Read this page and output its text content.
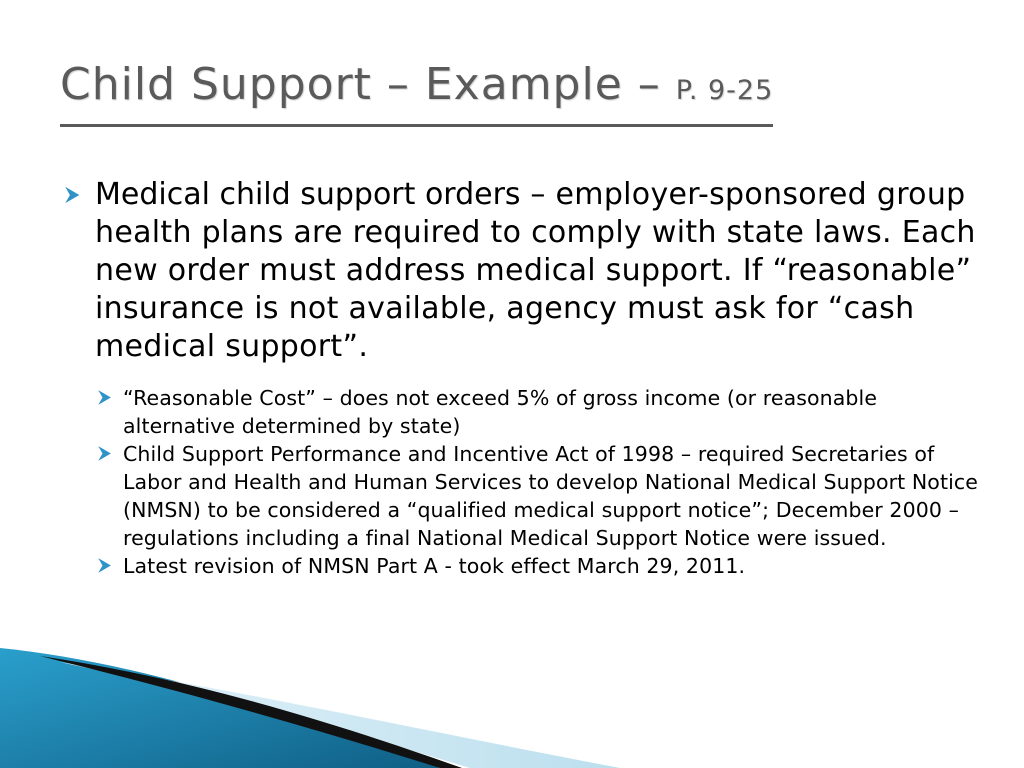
Child Support – Example – P. 9-25
⮞ Medical child support orders – employer-sponsored group health plans are required to comply with state laws. Each new order must address medical support. If “reasonable” insurance is not available, agency must ask for “cash medical support”.
⮞ “Reasonable Cost” – does not exceed 5% of gross income (or reasonable alternative determined by state)
⮞ Child Support Performance and Incentive Act of 1998 – required Secretaries of Labor and Health and Human Services to develop National Medical Support Notice (NMSN) to be considered a “qualified medical support notice”; December 2000 – regulations including a final National Medical Support Notice were issued.
⮞ Latest revision of NMSN Part A - took effect March 29, 2011.
